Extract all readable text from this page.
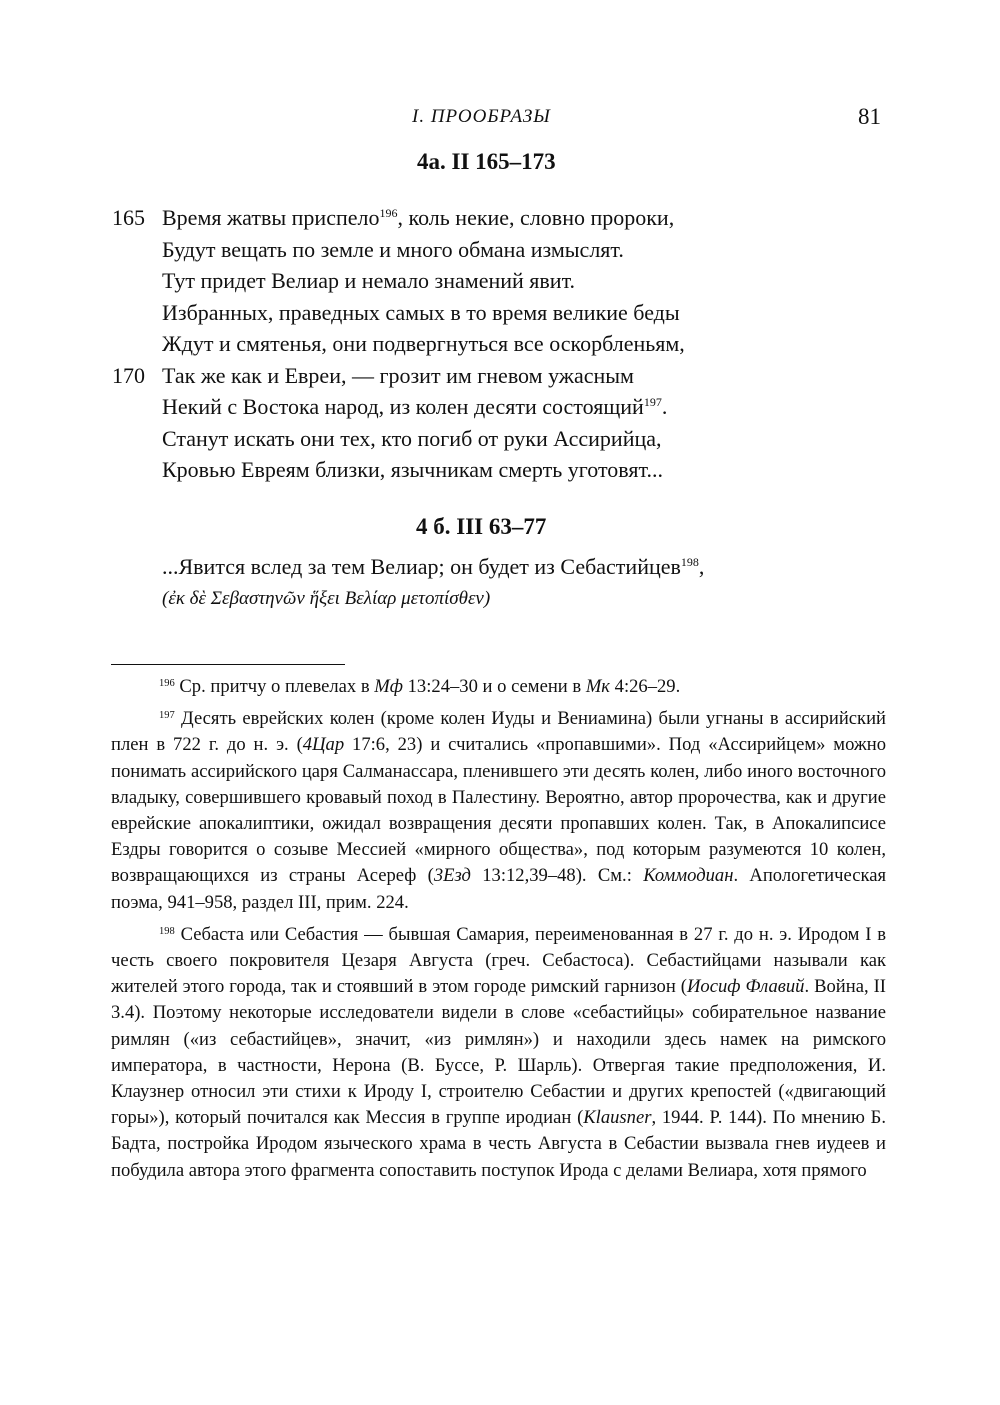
I. ПРООБРАЗЫ	81
4а. II 165–173
165 Время жатвы приспело$^{196}$, коль некие, словно пророки,
Будут вещать по земле и много обмана измыслят.
Тут придет Велиар и немало знамений явит.
Избранных, праведных самых в то время великие беды
Ждут и смятенья, они подвергнуться все оскорбленьям,
170 Так же как и Евреи, — грозит им гневом ужасным
Некий с Востока народ, из колен десяти состоящий$^{197}$.
Станут искать они тех, кто погиб от руки Ассирийца,
Кровью Евреям близки, язычникам смерть уготовят...
4 б. III 63–77
...Явится вслед за тем Велиар; он будет из Себастийцев$^{198}$,
(ἐκ δὲ Σεβαστηνῶν ἥξει Βελίαρ μετοπίσθεν)

$^{196}$ Ср. притчу о плевелах в Мф 13:24–30 и о семени в Мк 4:26–29.

$^{197}$ Десять еврейских колен (кроме колен Иуды и Вениамина) были угнаны в ассирийский плен в 722 г. до н. э. (4Цар 17:6, 23) и считались «пропавшими». Под «Ассирийцем» можно понимать ассирийского царя Салманассара, пленившего эти десять колен, либо иного восточного владыку, совершившего кровавый поход в Палестину. Вероятно, автор пророчества, как и другие еврейские апокалиптики, ожидал возвращения десяти пропавших колен. Так, в Апокалипсисе Ездры говорится о созыве Мессией «мирного общества», под которым разумеются 10 колен, возвращающихся из страны Асереф (3Езд 13:12,39–48). См.: Коммодиан. Апологетическая поэма, 941–958, раздел III, прим. 224.

$^{198}$ Себаста или Себастия — бывшая Самария, переименованная в 27 г. до н. э. Иродом I в честь своего покровителя Цезаря Августа (греч. Себастоса). Себастийцами называли как жителей этого города, так и стоявший в этом городе римский гарнизон (Иосиф Флавий. Война, II 3.4). Поэтому некоторые исследователи видели в слове «себастийцы» собирательное название римлян («из себастийцев», значит, «из римлян») и находили здесь намек на римского императора, в частности, Нерона (В. Буссе, Р. Шарль). Отвергая такие предположения, И. Клаузнер относил эти стихи к Ироду I, строителю Себастии и других крепостей («двигающий горы»), который почитался как Мессия в группе иродиан (Klausner, 1944. P. 144). По мнению Б. Бадта, постройка Иродом языческого храма в честь Августа в Себастии вызвала гнев иудеев и побудила автора этого фрагмента сопоставить поступок Ирода с делами Велиара, хотя прямого
